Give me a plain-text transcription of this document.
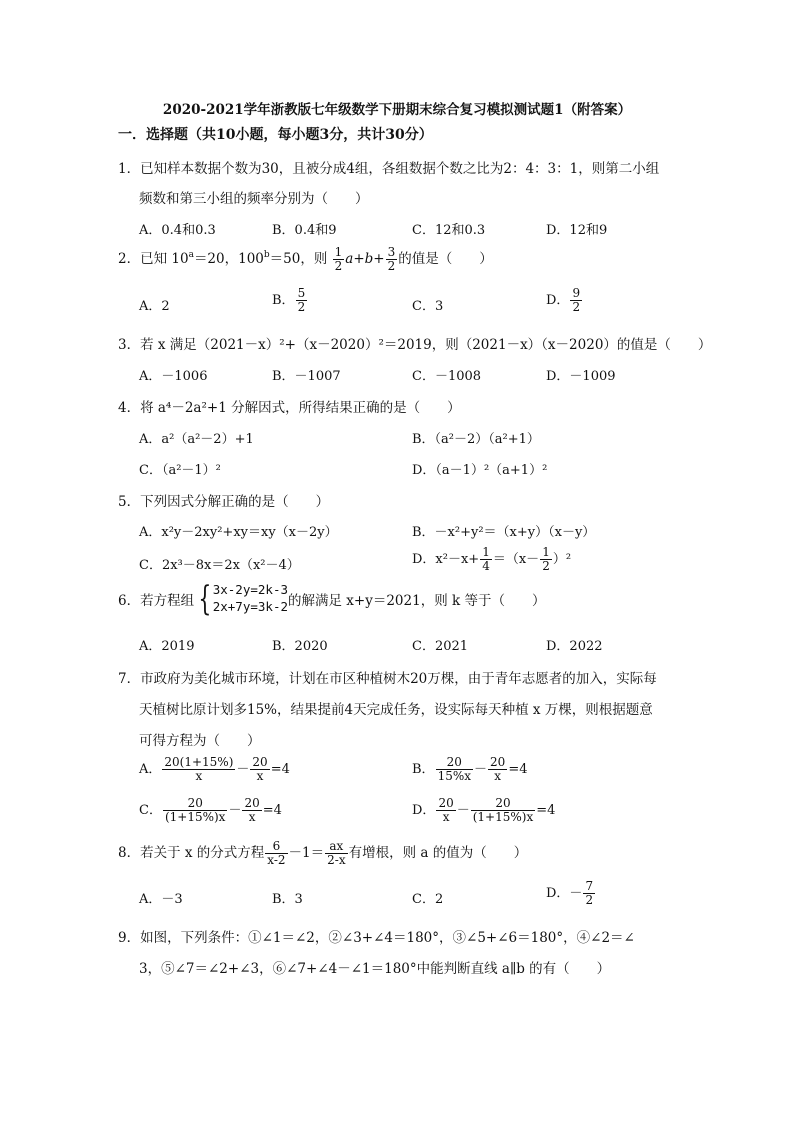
2020-2021学年浙教版七年级数学下册期末综合复习模拟测试题1（附答案）
一．选择题（共10小题，每小题3分，共计30分）
1．已知样本数据个数为30，且被分成4组，各组数据个数之比为2：4：3：1，则第二小组
频数和第三小组的频率分别为（　　）
A．0.4和0.3	B．0.4和9	C．12和0.3	D．12和9
2．已知 $10^a=20$，$100^b=50$，则 $\frac{1}{2} a+b+ \frac{3}{2}$ 的值是（　　）
A．2	B． $\frac{5}{2}$	C．3	D． $\frac{9}{2}$
3．若 x 满足（2021－x）²+（x－2020）²＝2019，则（2021－x）（x－2020）的值是（　　）
A．－1006	B．－1007	C．－1008	D．－1009
4．将 a⁴－2a²+1 分解因式，所得结果正确的是（　　）
A．a²（a²－2）+1	B．（a²－2）（a²+1）
C．（a²－1）²	D．（a－1）²（a+1）²
5．下列因式分解正确的是（　　）
A．x²y－2xy²+xy＝xy（x－2y）	B．－x²+y²＝（x+y）（x－y）
C．2x³－8x＝2x（x²－4）	D．$x^2-x+ \frac{1}{4} =(x- \frac{1}{2} )^2$
6．若方程组 { 3x-2y=2k-3
2x+7y=3k-2 的解满足 x+y＝2021，则 k 等于（　　）
A．2019	B．2020	C．2021	D．2022
7．市政府为美化城市环境，计划在市区种植树木20万棵，由于青年志愿者的加入，实际每
天植树比原计划多15%，结果提前4天完成任务，设实际每天种植 x 万棵，则根据题意
可得方程为（　　）
A． $\frac{20(1+15\%)}{x} - \frac{20}{x} =4$	B． $\frac{20}{15\%x} - \frac{20}{x} =4$
C． $\frac{20}{(1+15\%)x} - \frac{20}{x} =4$	D． $\frac{20}{x} - \frac{20}{(1+15\%)x} =4$
8．若关于 x 的分式方程 $\frac{6}{x-2} -1= \frac{ax}{2-x}$ 有增根，则 a 的值为（　　）
A．－3	B．3	C．2	D．－ $\frac{7}{2}$
9．如图，下列条件：①∠1＝∠2，②∠3+∠4＝180°，③∠5+∠6＝180°，④∠2＝∠
3，⑤∠7＝∠2+∠3，⑥∠7+∠4－∠1＝180°中能判断直线 a∥b 的有（　　）
